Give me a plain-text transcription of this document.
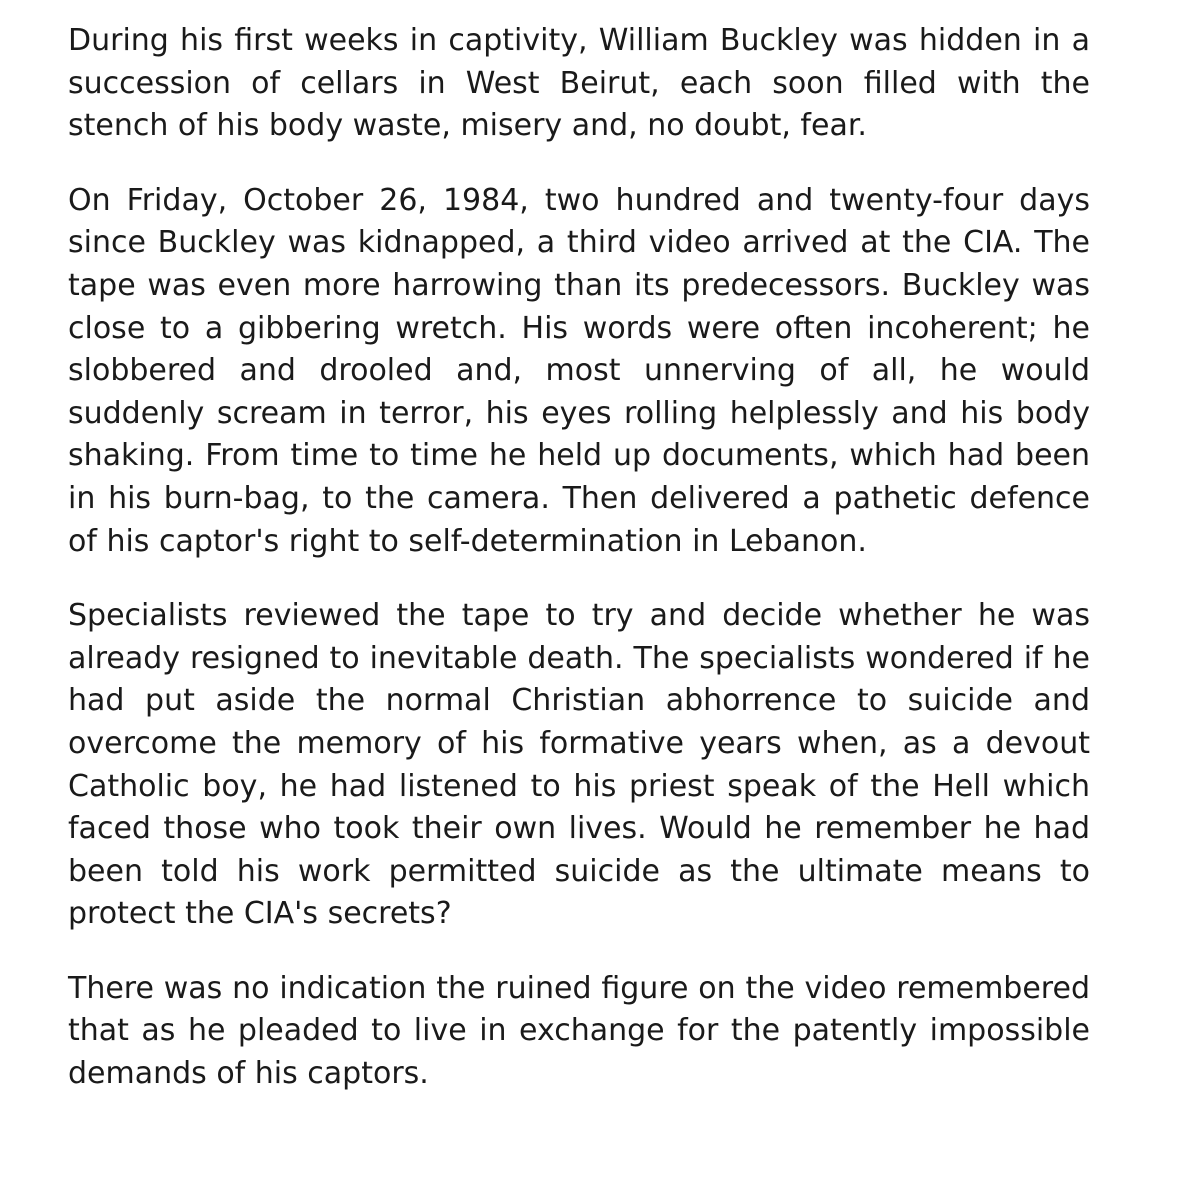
During his first weeks in captivity, William Buckley was hidden in a succession of cellars in West Beirut, each soon filled with the stench of his body waste, misery and, no doubt, fear.

On Friday, October 26, 1984, two hundred and twenty-four days since Buckley was kidnapped, a third video arrived at the CIA. The tape was even more harrowing than its predecessors. Buckley was close to a gibbering wretch. His words were often incoherent; he slobbered and drooled and, most unnerving of all, he would suddenly scream in terror, his eyes rolling helplessly and his body shaking. From time to time he held up documents, which had been in his burn-bag, to the camera. Then delivered a pathetic defence of his captor's right to self-determination in Lebanon.

Specialists reviewed the tape to try and decide whether he was already resigned to inevitable death. The specialists wondered if he had put aside the normal Christian abhorrence to suicide and overcome the memory of his formative years when, as a devout Catholic boy, he had listened to his priest speak of the Hell which faced those who took their own lives. Would he remember he had been told his work permitted suicide as the ultimate means to protect the CIA's secrets?

There was no indication the ruined figure on the video remembered that as he pleaded to live in exchange for the patently impossible demands of his captors.
